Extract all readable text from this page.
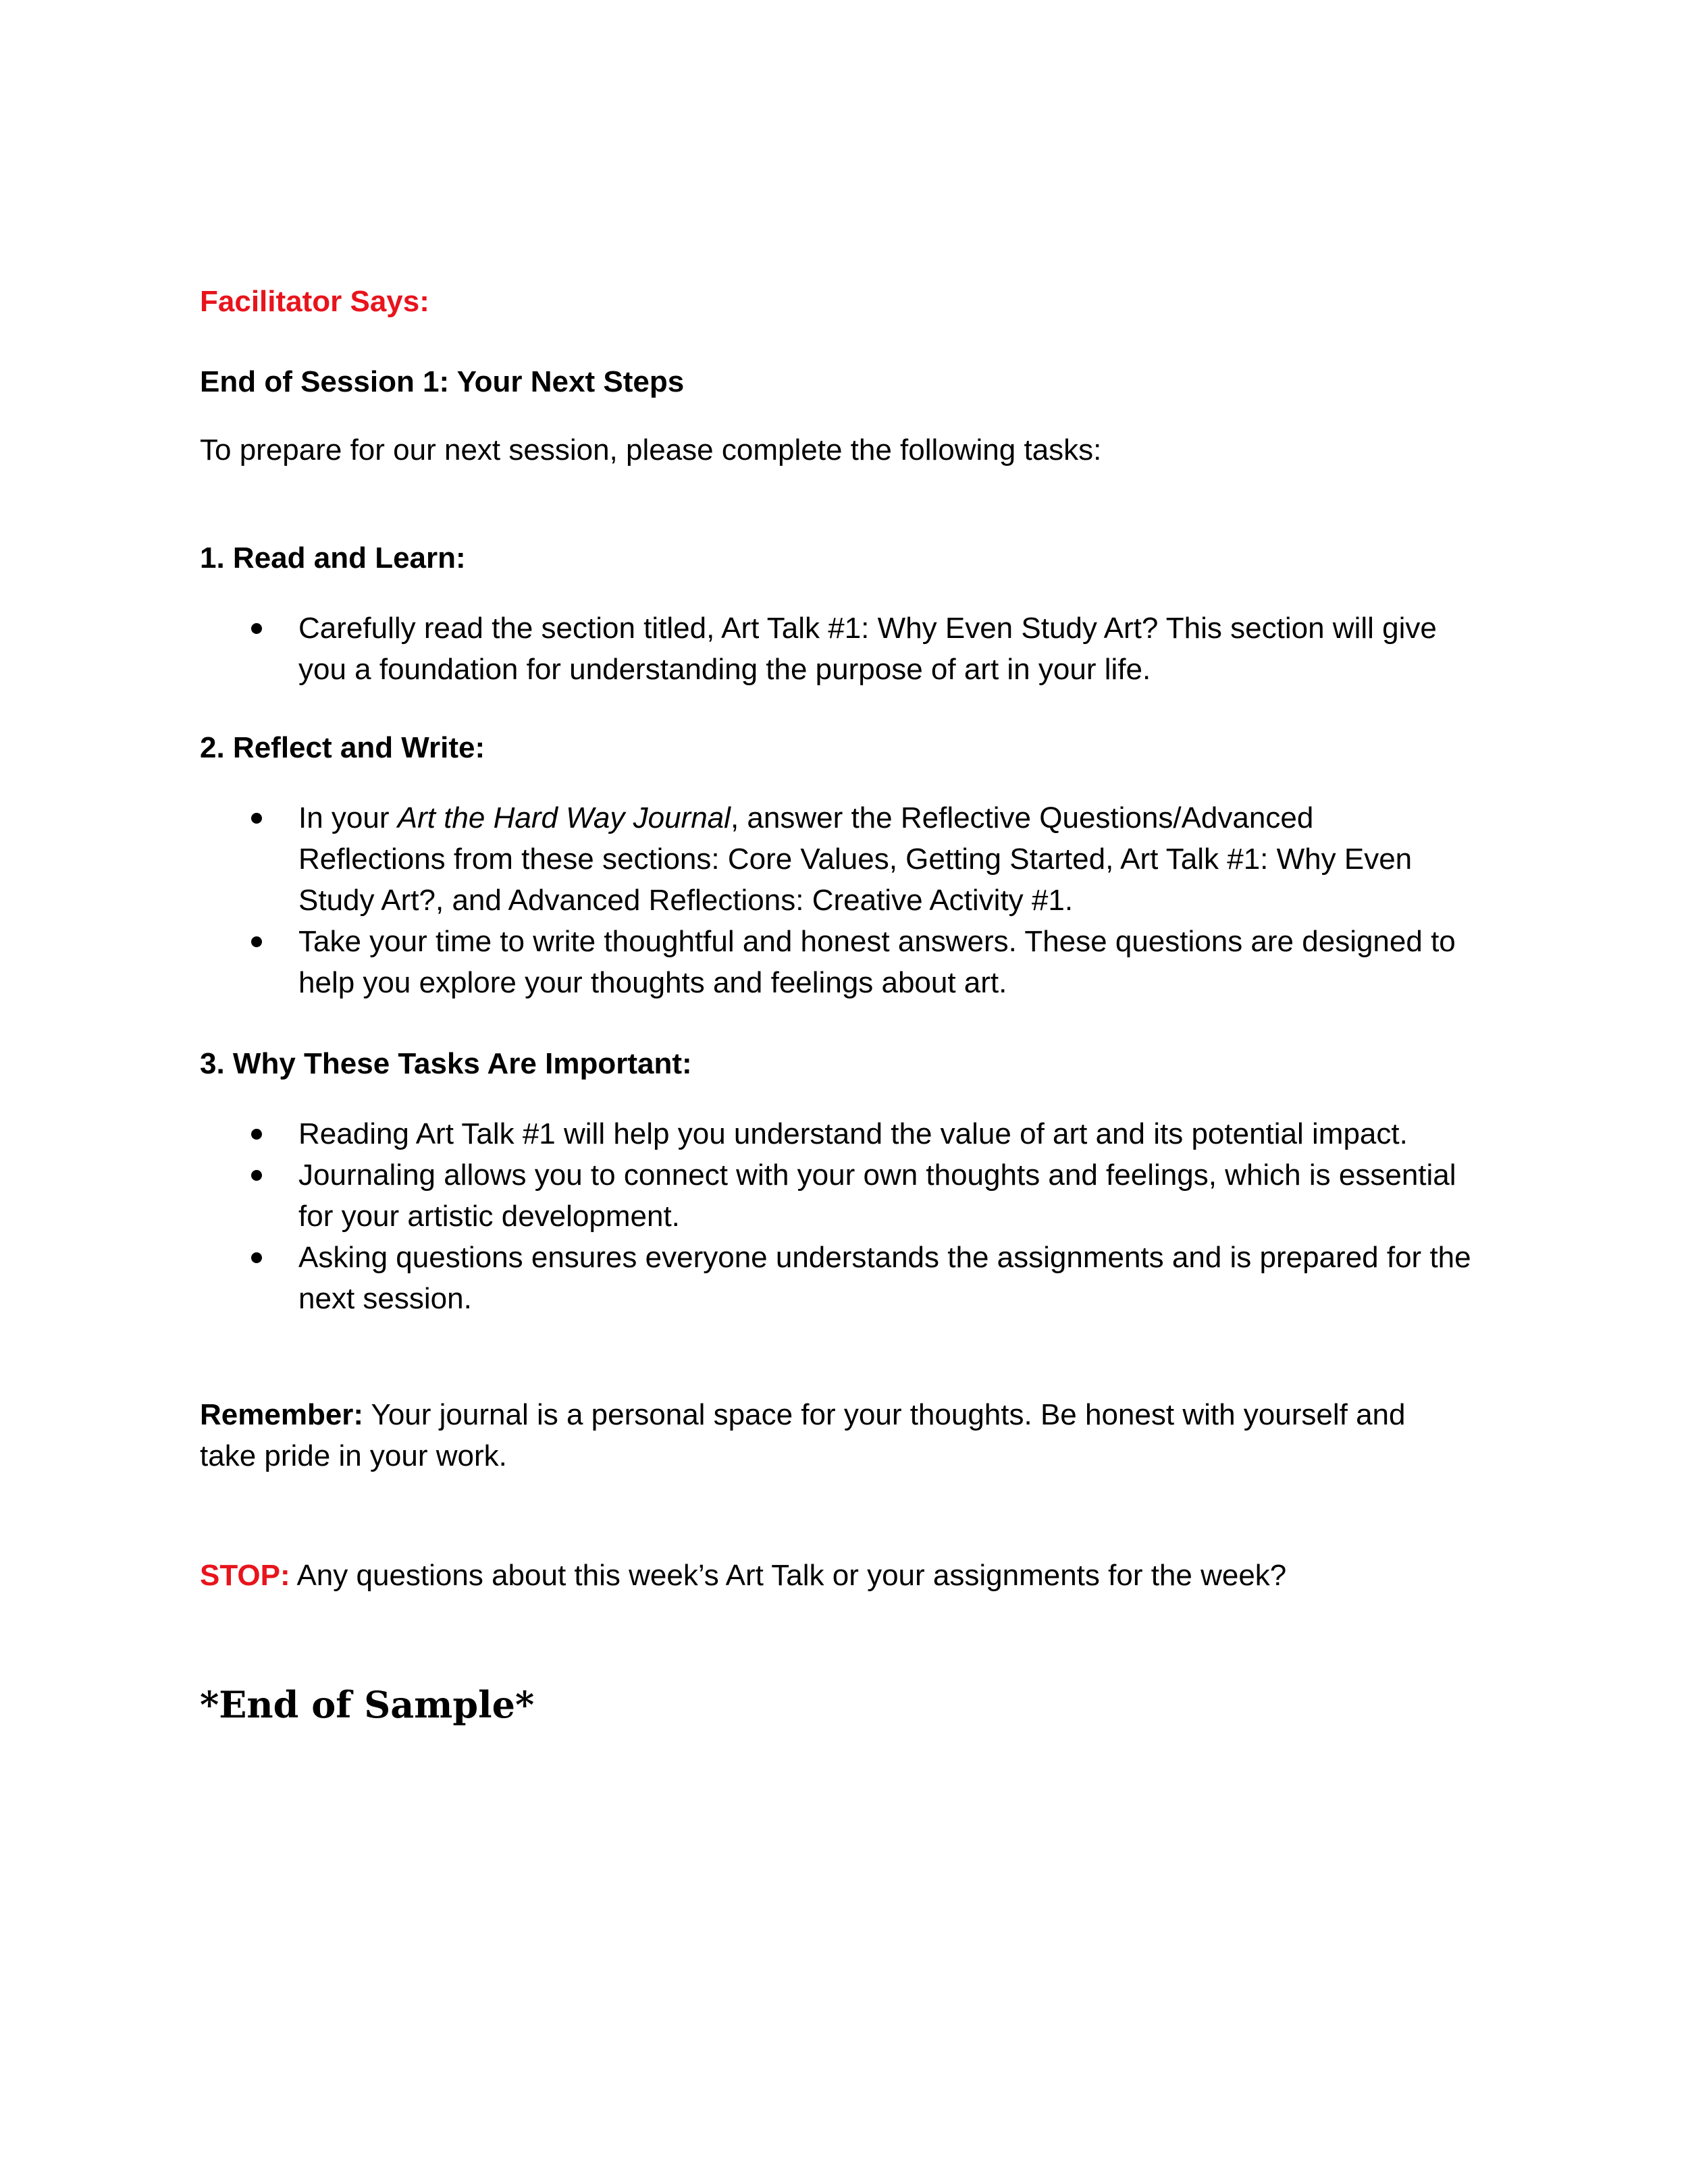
Facilitator Says:
End of Session 1: Your Next Steps
To prepare for our next session, please complete the following tasks:
1. Read and Learn:
Carefully read the section titled, Art Talk #1: Why Even Study Art? This section will give
you a foundation for understanding the purpose of art in your life.
2. Reflect and Write:
In your Art the Hard Way Journal, answer the Reflective Questions/Advanced
Reflections from these sections: Core Values, Getting Started, Art Talk #1: Why Even
Study Art?, and Advanced Reflections: Creative Activity #1.
Take your time to write thoughtful and honest answers. These questions are designed to
help you explore your thoughts and feelings about art.
3. Why These Tasks Are Important:
Reading Art Talk #1 will help you understand the value of art and its potential impact.
Journaling allows you to connect with your own thoughts and feelings, which is essential
for your artistic development.
Asking questions ensures everyone understands the assignments and is prepared for the
next session.
Remember: Your journal is a personal space for your thoughts. Be honest with yourself and
take pride in your work.
STOP: Any questions about this week’s Art Talk or your assignments for the week?
*End of Sample*
